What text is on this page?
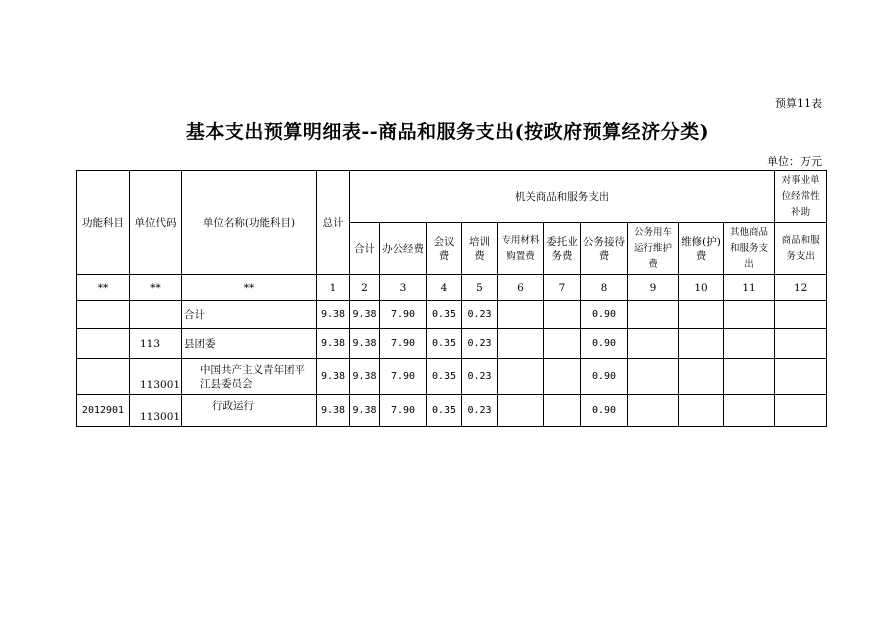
预算11表
基本支出预算明细表--商品和服务支出(按政府预算经济分类)
单位：万元
功能科目	单位代码	单位名称(功能科目)	总计	机关商品和服务支出										对事业单位经常性补助
				合计	办公经费	会议费	培训费	专用材料购置费	委托业务费	公务接待费	公务用车运行维护费	维修(护)费	其他商品和服务支出	商品和服务支出
**	**	**	1	2	3	4	5	6	7	8	9	10	11	12
		合计	9.38	9.38	7.90	0.35	0.23			0.90				
	113	县团委	9.38	9.38	7.90	0.35	0.23			0.90				
	113001	中国共产主义青年团平江县委员会	9.38	9.38	7.90	0.35	0.23			0.90				
2012901	113001	行政运行	9.38	9.38	7.90	0.35	0.23			0.90				
